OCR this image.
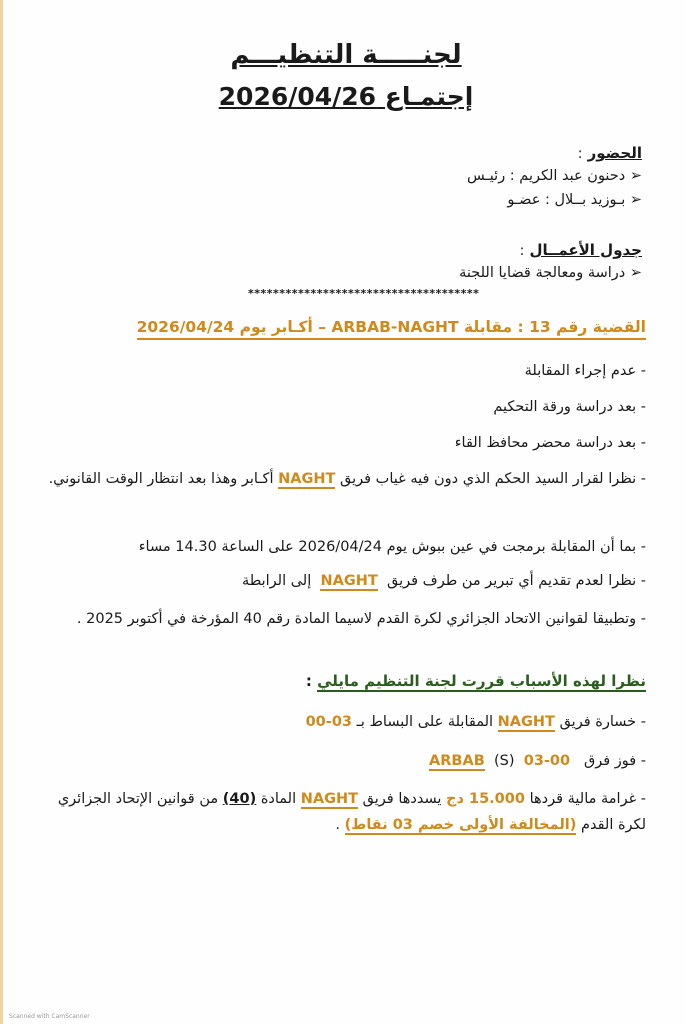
لجنـــــة التنظيـــم
إجتمـاع 2026/04/26
الحضور :
➢ دحنون عبد الكريم : رئيـس
➢ بـوزيد بــلال : عضـو
جدول الأعمــال :
➢ دراسة ومعالجة قضايا اللجنة
*************************************
القضية رقم 13 : مقابلة ARBAB-NAGHT – أكـابر يوم 2026/04/24
- عدم إجراء المقابلة
- بعد دراسة ورقة التحكيم
- بعد دراسة محضر محافظ القاء
- نظرا لقرار السيد الحكم الذي دون فيه غياب فريق NAGHT أكـابر وهذا بعد انتظار الوقت القانوني.
- بما أن المقابلة برمجت في عين ببوش يوم 2026/04/24 على الساعة 14.30 مساء
- نظرا لعدم تقديم أي تبرير من طرف فريق  NAGHT  إلى الرابطة
- وتطبيقا لقوانين الاتحاد الجزائري لكرة القدم لاسيما المادة رقم 40 المؤرخة في أكتوبر 2025 .
نظرا لهذه الأسباب قررت لجنة التنظيم مايلي :
- خسارة فريق NAGHT المقابلة على البساط بـ 03-00
- فوز فرق   ARBAB (S) 03-00
- غرامة مالية قردها 15.000 دج يسددها فريق NAGHT المادة (40) من قوانين الإتحاد الجزائري لكرة القدم (المخالفة الأولى خصم 03 نقاط) .
Scanned with CamScanner
